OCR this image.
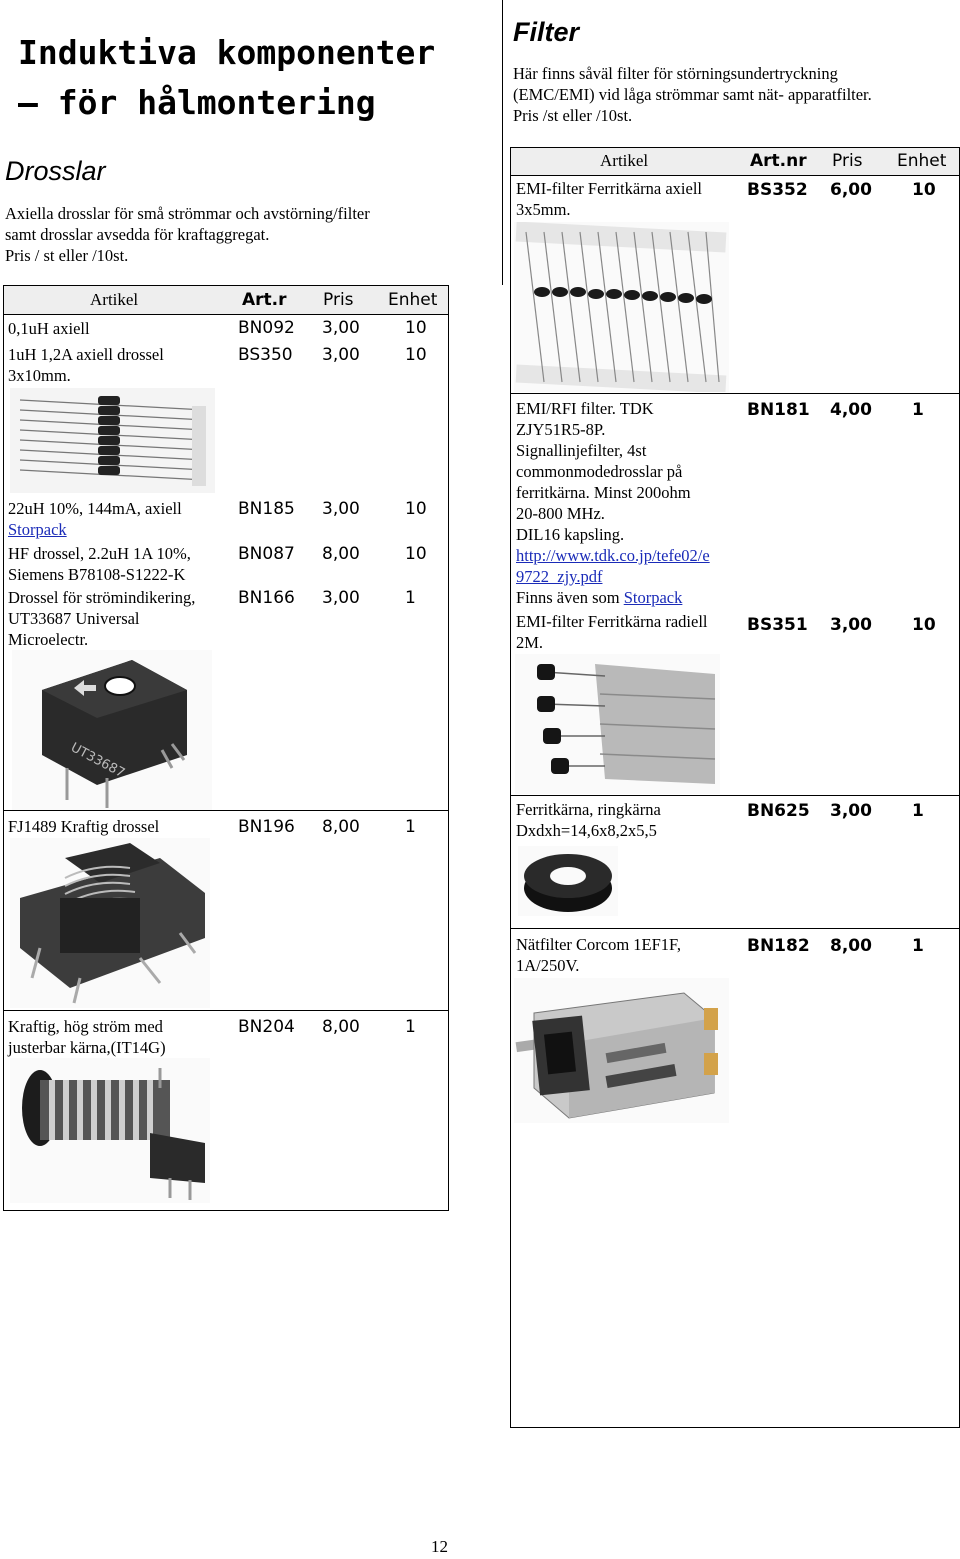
Induktiva komponenter
– för hålmontering
Drosslar
Axiella drosslar för små strömmar och avstörning/filter
samt drosslar avsedda för kraftaggregat.
Pris / st eller /10st.
Artikel	Art.r Pris Enhet
0,1uH axiell	BN092 3,00	10
1uH 1,2A axiell drossel
3x10mm.
BS350 3,00	10
22uH 10%, 144mA, axiell
Storpack
BN185 3,00	10
HF drossel, 2.2uH 1A 10%,
Siemens B78108-S1222-K
BN087 8,00	10
Drossel för strömindikering,
UT33687 Universal
Microelectr.
BN166 3,00	1
UT33687
FJ1489 Kraftig drossel	BN196 8,00	1
Kraftig, hög ström med
justerbar kärna,(IT14G)
BN204 8,00	1
Filter
Här finns såväl filter för störningsundertryckning
(EMC/EMI) vid låga strömmar samt nät- apparatfilter.
Pris /st eller /10st.
Artikel	Art.nr Pris Enhet
EMI-filter Ferritkärna axiell
3x5mm.
BS352 6,00 10
EMI/RFI filter. TDK
ZJY51R5-8P.
Signallinjefilter, 4st
commonmodedrosslar på
ferritkärna. Minst 200ohm
20-800 MHz.
DIL16 kapsling.
http://www.tdk.co.jp/tefe02/e
9722_zjy.pdf
Finns även som Storpack
BN181 4,00 1
EMI-filter Ferritkärna radiell
2M.
BS351 3,00 10
Ferritkärna, ringkärna
Dxdxh=14,6x8,2x5,5
BN625 3,00 1
Nätfilter Corcom 1EF1F,
1A/250V.
BN182 8,00 1
12
